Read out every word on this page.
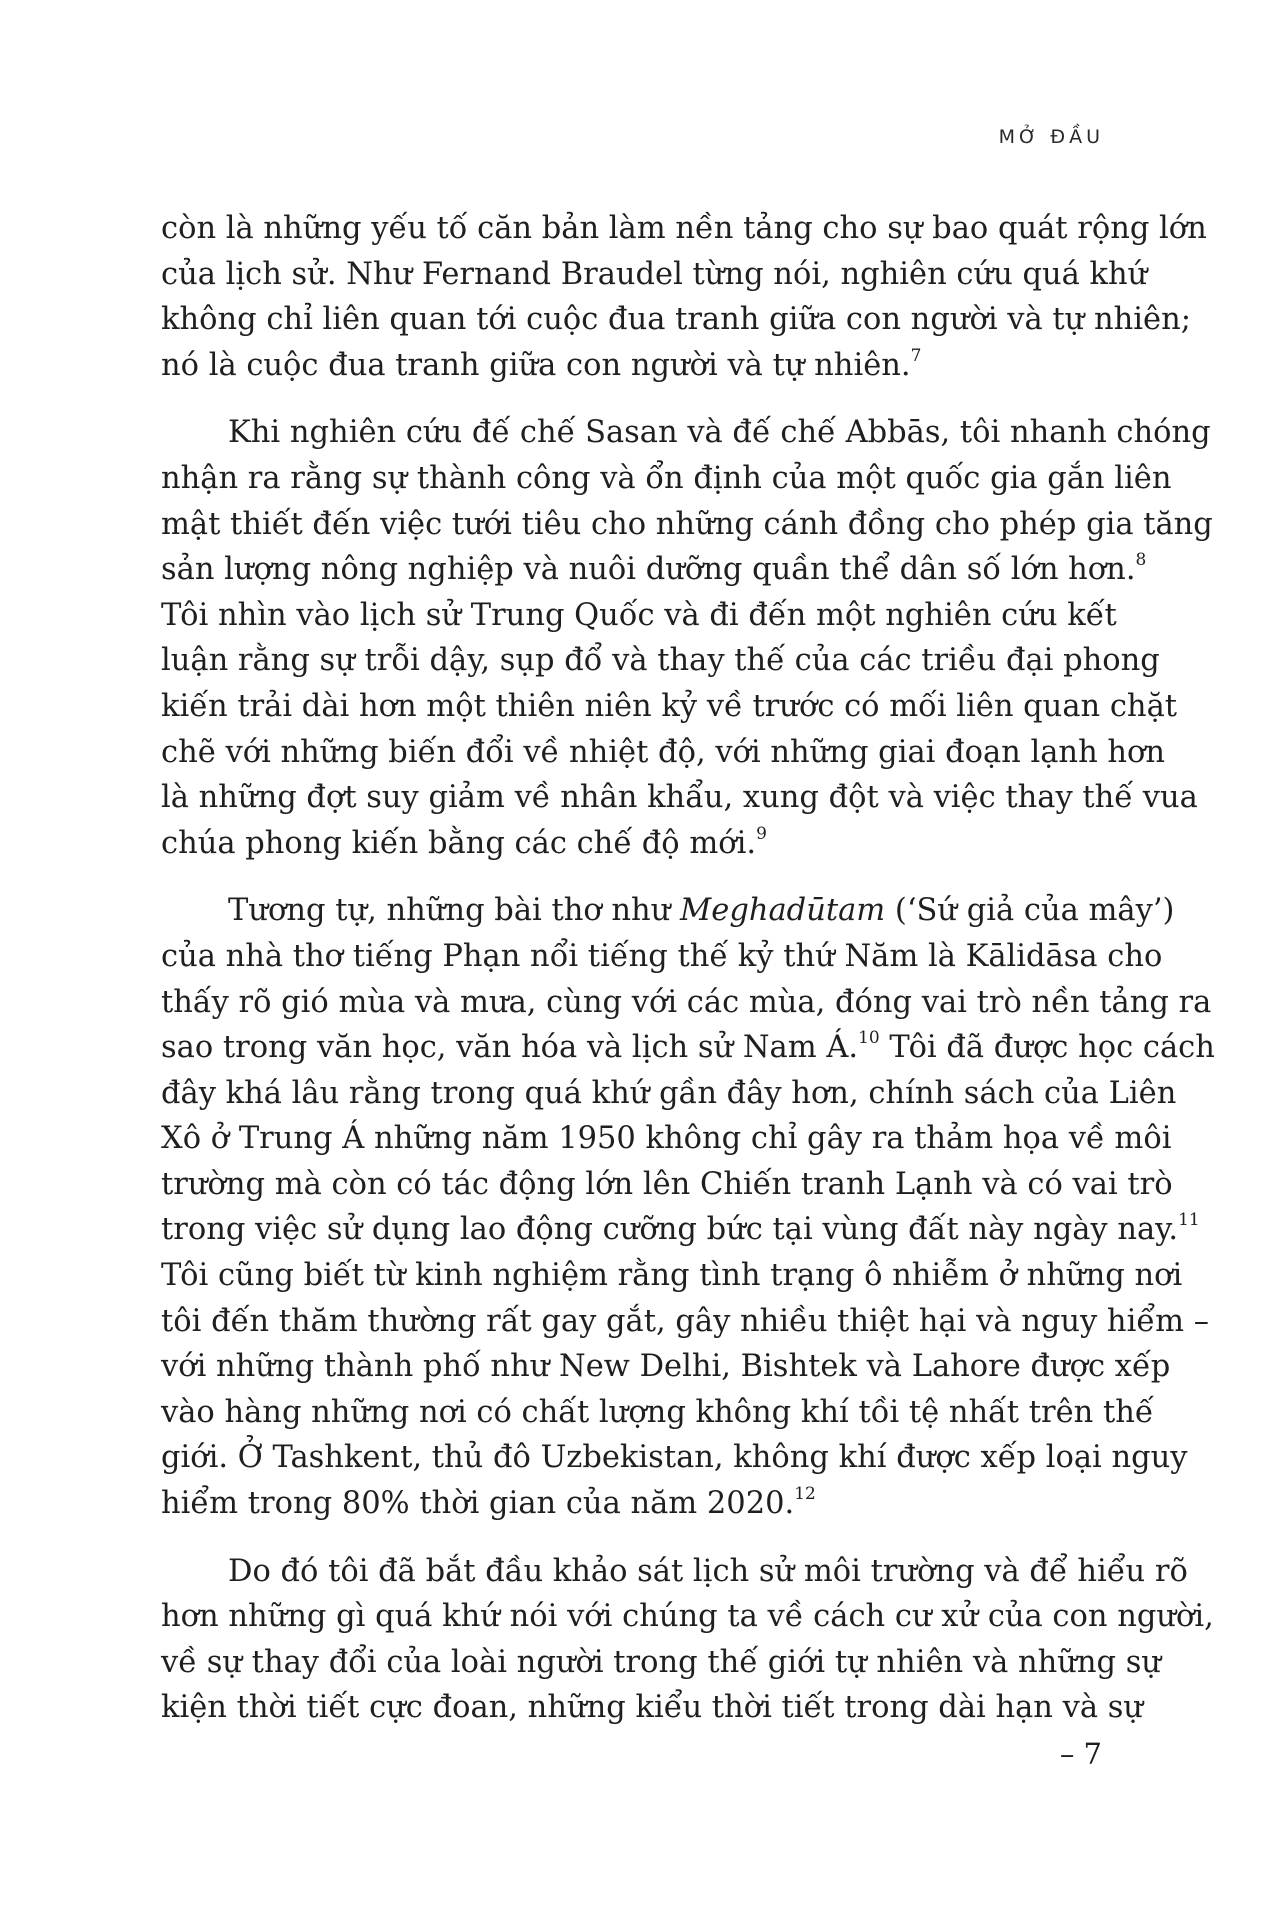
MỞ ĐẦU

còn là những yếu tố căn bản làm nền tảng cho sự bao quát rộng lớn
của lịch sử. Như Fernand Braudel từng nói, nghiên cứu quá khứ
không chỉ liên quan tới cuộc đua tranh giữa con người và tự nhiên;
nó là cuộc đua tranh giữa con người và tự nhiên.$^7$

Khi nghiên cứu đế chế Sasan và đế chế Abbās, tôi nhanh chóng
nhận ra rằng sự thành công và ổn định của một quốc gia gắn liên
mật thiết đến việc tưới tiêu cho những cánh đồng cho phép gia tăng
sản lượng nông nghiệp và nuôi dưỡng quần thể dân số lớn hơn.$^8$
Tôi nhìn vào lịch sử Trung Quốc và đi đến một nghiên cứu kết
luận rằng sự trỗi dậy, sụp đổ và thay thế của các triều đại phong
kiến trải dài hơn một thiên niên kỷ về trước có mối liên quan chặt
chẽ với những biến đổi về nhiệt độ, với những giai đoạn lạnh hơn
là những đợt suy giảm về nhân khẩu, xung đột và việc thay thế vua
chúa phong kiến bằng các chế độ mới.$^9$

Tương tự, những bài thơ như Meghadūtam (‘Sứ giả của mây’)
của nhà thơ tiếng Phạn nổi tiếng thế kỷ thứ Năm là Kālidāsa cho
thấy rõ gió mùa và mưa, cùng với các mùa, đóng vai trò nền tảng ra
sao trong văn học, văn hóa và lịch sử Nam Á.$^{10}$ Tôi đã được học cách
đây khá lâu rằng trong quá khứ gần đây hơn, chính sách của Liên
Xô ở Trung Á những năm 1950 không chỉ gây ra thảm họa về môi
trường mà còn có tác động lớn lên Chiến tranh Lạnh và có vai trò
trong việc sử dụng lao động cưỡng bức tại vùng đất này ngày nay.$^{11}$
Tôi cũng biết từ kinh nghiệm rằng tình trạng ô nhiễm ở những nơi
tôi đến thăm thường rất gay gắt, gây nhiều thiệt hại và nguy hiểm –
với những thành phố như New Delhi, Bishtek và Lahore được xếp
vào hàng những nơi có chất lượng không khí tồi tệ nhất trên thế
giới. Ở Tashkent, thủ đô Uzbekistan, không khí được xếp loại nguy
hiểm trong 80% thời gian của năm 2020.12

Do đó tôi đã bắt đầu khảo sát lịch sử môi trường và để hiểu rõ
hơn những gì quá khứ nói với chúng ta về cách cư xử của con người,
về sự thay đổi của loài người trong thế giới tự nhiên và những sự
kiện thời tiết cực đoan, những kiểu thời tiết trong dài hạn và sự

– 7
